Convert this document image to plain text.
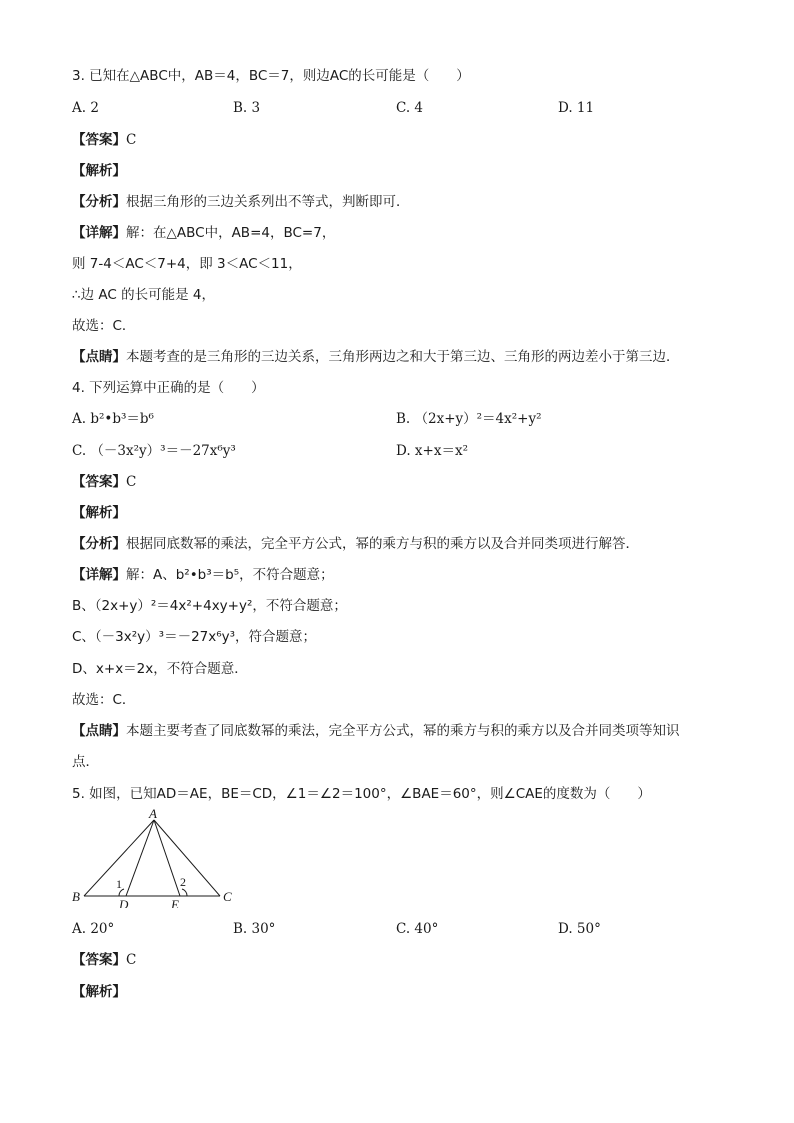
3. 已知在△ABC中，AB＝4，BC＝7，则边AC的长可能是（　　）
A. 2	B. 3	C. 4	D. 11
【答案】C
【解析】
【分析】根据三角形的三边关系列出不等式，判断即可．
【详解】解：在△ABC中，AB=4，BC=7，
则 7-4＜AC＜7+4，即 3＜AC＜11，
∴边 AC 的长可能是 4，
故选：C．
【点睛】本题考查的是三角形的三边关系，三角形两边之和大于第三边、三角形的两边差小于第三边．
4. 下列运算中正确的是（　　）
A. b²•b³＝b⁶	B. （2x+y）²＝4x²+y²
C. （－3x²y）³＝－27x⁶y³	D. x+x＝x²
【答案】C
【解析】
【分析】根据同底数幂的乘法，完全平方公式，幂的乘方与积的乘方以及合并同类项进行解答．
【详解】解：A、b²•b³＝b⁵，不符合题意；
B、（2x+y）²＝4x²+4xy+y²，不符合题意；
C、（－3x²y）³＝－27x⁶y³，符合题意；
D、x+x＝2x，不符合题意．
故选：C．
【点睛】本题主要考查了同底数幂的乘法，完全平方公式，幂的乘方与积的乘方以及合并同类项等知识
点．
5. 如图，已知AD＝AE，BE＝CD，∠1＝∠2＝100°，∠BAE＝60°，则∠CAE的度数为（　　）
A
B	C
D	E
1	2
A. 20°	B. 30°	C. 40°	D. 50°
【答案】C
【解析】
